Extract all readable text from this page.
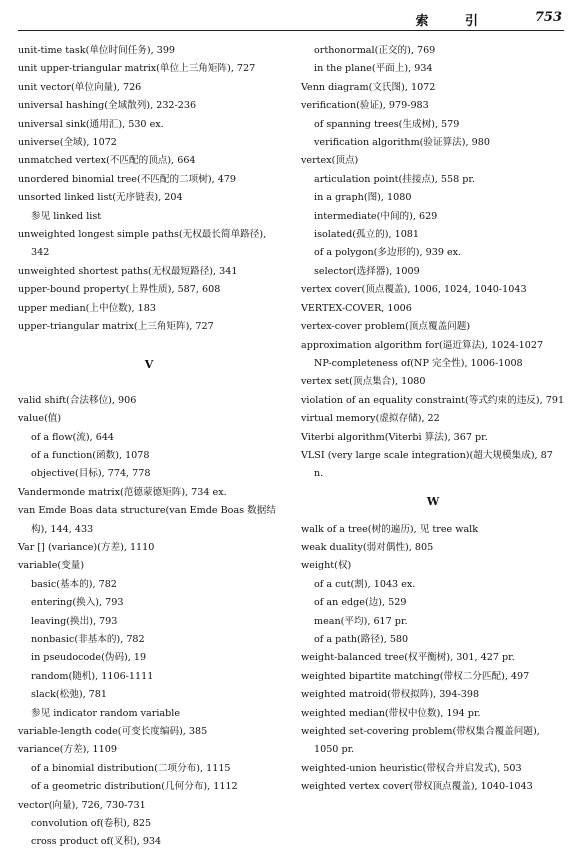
索 引	753
unit-time task(单位时间任务), 399
unit upper-triangular matrix(单位上三角矩阵), 727
unit vector(单位向量), 726
universal hashing(全域散列), 232-236
universal sink(通用汇), 530 ex.
universe(全域), 1072
unmatched vertex(不匹配的顶点), 664
unordered binomial tree(不匹配的二项树), 479
unsorted linked list(无序链表), 204
参见 linked list
unweighted longest simple paths(无权最长简单路径), 342
unweighted shortest paths(无权最短路径), 341
upper-bound property(上界性质), 587, 608
upper median(上中位数), 183
upper-triangular matrix(上三角矩阵), 727
V
valid shift(合法移位), 906
value(值)
of a flow(流), 644
of a function(函数), 1078
objective(目标), 774, 778
Vandermonde matrix(范德蒙德矩阵), 734 ex.
van Emde Boas data structure(van Emde Boas 数据结构), 144, 433
Var [] (variance)(方差), 1110
variable(变量)
basic(基本的), 782
entering(换入), 793
leaving(换出), 793
nonbasic(非基本的), 782
in pseudocode(伪码), 19
random(随机), 1106-1111
slack(松弛), 781
参见 indicator random variable
variable-length code(可变长度编码), 385
variance(方差), 1109
of a binomial distribution(二项分布), 1115
of a geometric distribution(几何分布), 1112
vector(向量), 726, 730-731
convolution of(卷积), 825
cross product of(叉积), 934
orthonormal(正交的), 769
in the plane(平面上), 934
Venn diagram(文氏图), 1072
verification(验证), 979-983
of spanning trees(生成树), 579
verification algorithm(验证算法), 980
vertex(顶点)
articulation point(挂接点), 558 pr.
in a graph(图), 1080
intermediate(中间的), 629
isolated(孤立的), 1081
of a polygon(多边形的), 939 ex.
selector(选择器), 1009
vertex cover(顶点覆盖), 1006, 1024, 1040-1043
VERTEX-COVER, 1006
vertex-cover problem(顶点覆盖问题)
approximation algorithm for(逼近算法), 1024-1027
NP-completeness of(NP 完全性), 1006-1008
vertex set(顶点集合), 1080
violation of an equality constraint(等式约束的违反), 791
virtual memory(虚拟存储), 22
Viterbi algorithm(Viterbi 算法), 367 pr.
VLSI (very large scale integration)(超大规模集成), 87 n.
W
walk of a tree(树的遍历), 见 tree walk
weak duality(弱对偶性), 805
weight(权)
of a cut(割), 1043 ex.
of an edge(边), 529
mean(平均), 617 pr.
of a path(路径), 580
weight-balanced tree(权平衡树), 301, 427 pr.
weighted bipartite matching(带权二分匹配), 497
weighted matroid(带权拟阵), 394-398
weighted median(带权中位数), 194 pr.
weighted set-covering problem(带权集合覆盖问题), 1050 pr.
weighted-union heuristic(带权合并启发式), 503
weighted vertex cover(带权顶点覆盖), 1040-1043
